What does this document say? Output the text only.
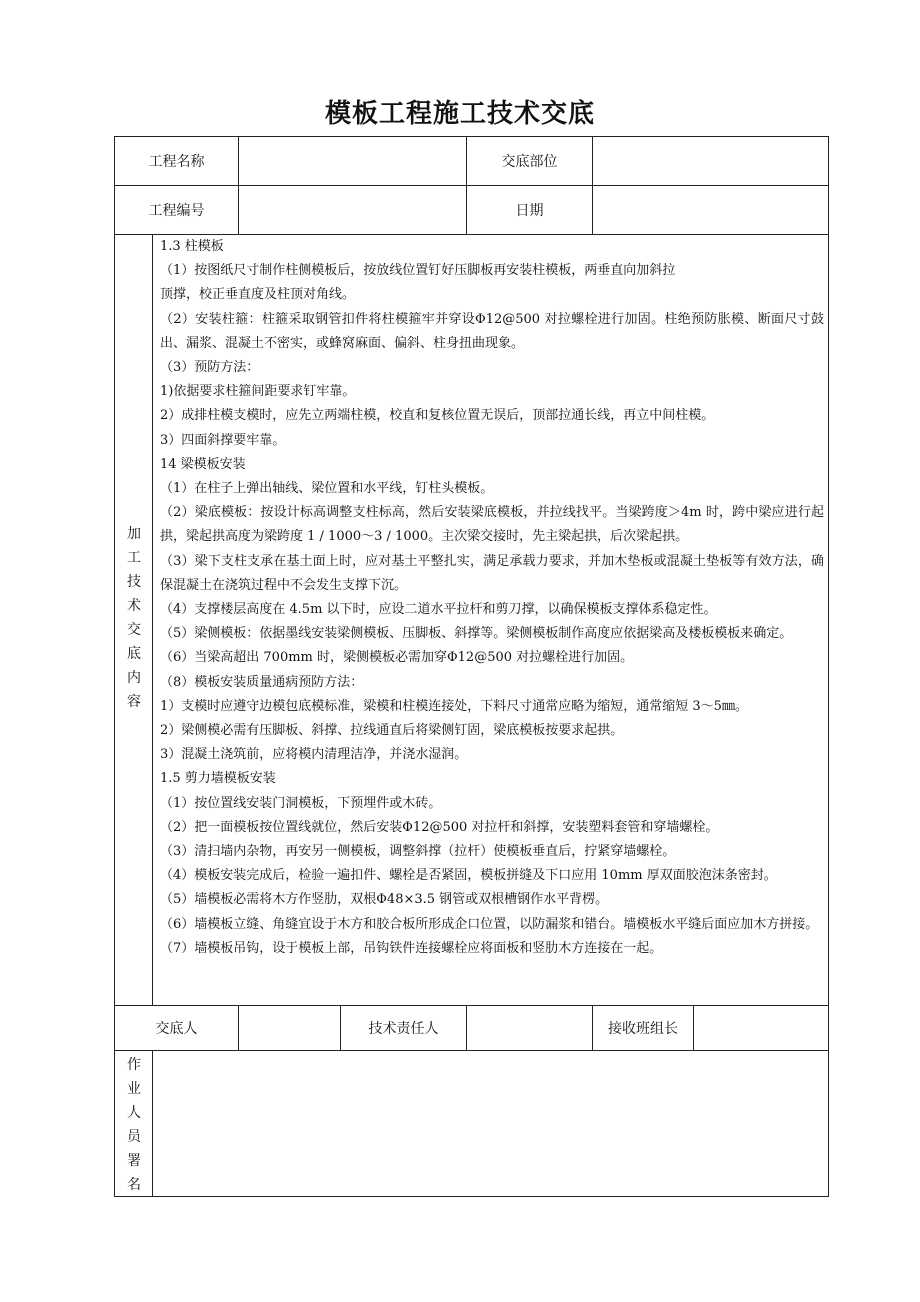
模板工程施工技术交底
工程名称	交底部位
工程编号	日期
加
工
技
术
交
底
内
容

1.3 柱模板

（1）按图纸尺寸制作柱侧模板后，按放线位置钉好压脚板再安装柱模板，两垂直向加斜拉

顶撑，校正垂直度及柱顶对角线。

（2）安装柱箍：柱箍采取钢管扣件将柱模箍牢并穿设Φ12@500 对拉螺栓进行加固。柱绝预防胀模、断面尺寸鼓出、漏浆、混凝土不密实，或蜂窝麻面、偏斜、柱身扭曲现象。

（3）预防方法：

1)依据要求柱箍间距要求钉牢靠。

2）成排柱模支模时，应先立两端柱模，校直和复核位置无误后，顶部拉通长线，再立中间柱模。

3）四面斜撑要牢靠。

14 梁模板安装

（1）在柱子上弹出轴线、梁位置和水平线，钉柱头模板。

（2）梁底模板：按设计标高调整支柱标高，然后安装梁底模板，并拉线找平。当梁跨度＞4m 时，跨中梁应进行起拱，梁起拱高度为梁跨度 1 / 1000～3 / 1000。主次梁交接时，先主梁起拱，后次梁起拱。

（3）梁下支柱支承在基土面上时，应对基土平整扎实，满足承载力要求，并加木垫板或混凝土垫板等有效方法，确保混凝土在浇筑过程中不会发生支撑下沉。

（4）支撑楼层高度在 4.5m 以下时，应设二道水平拉杆和剪刀撑，以确保模板支撑体系稳定性。

（5）梁侧模板：依据墨线安装梁侧模板、压脚板、斜撑等。梁侧模板制作高度应依据梁高及楼板模板来确定。

（6）当梁高超出 700mm 时，梁侧模板必需加穿Φ12@500 对拉螺栓进行加固。

（8）模板安装质量通病预防方法：

1）支模时应遵守边模包底模标准，梁模和柱模连接处，下料尺寸通常应略为缩短，通常缩短 3～5㎜。

2）梁侧模必需有压脚板、斜撑、拉线通直后将梁侧钉固，梁底模板按要求起拱。

3）混凝土浇筑前，应将模内清理洁净，并浇水湿润。

1.5 剪力墙模板安装

（1）按位置线安装门洞模板，下预埋件或木砖。

（2）把一面模板按位置线就位，然后安装Φ12@500 对拉杆和斜撑，安装塑料套管和穿墙螺栓。

（3）清扫墙内杂物，再安另一侧模板，调整斜撑（拉杆）使模板垂直后，拧紧穿墙螺栓。

（4）模板安装完成后，检验一遍扣件、螺栓是否紧固，模板拼缝及下口应用 10mm 厚双面胶泡沫条密封。

（5）墙模板必需将木方作竖肋，双根Φ48×3.5 钢管或双根槽钢作水平背楞。

（6）墙模板立缝、角缝宜设于木方和胶合板所形成企口位置，以防漏浆和错台。墙模板水平缝后面应加木方拼接。

（7）墙模板吊钩，设于模板上部，吊钩铁件连接螺栓应将面板和竖肋木方连接在一起。

交底人	技术责任人	接收班组长
作
业
人
员
署
名
